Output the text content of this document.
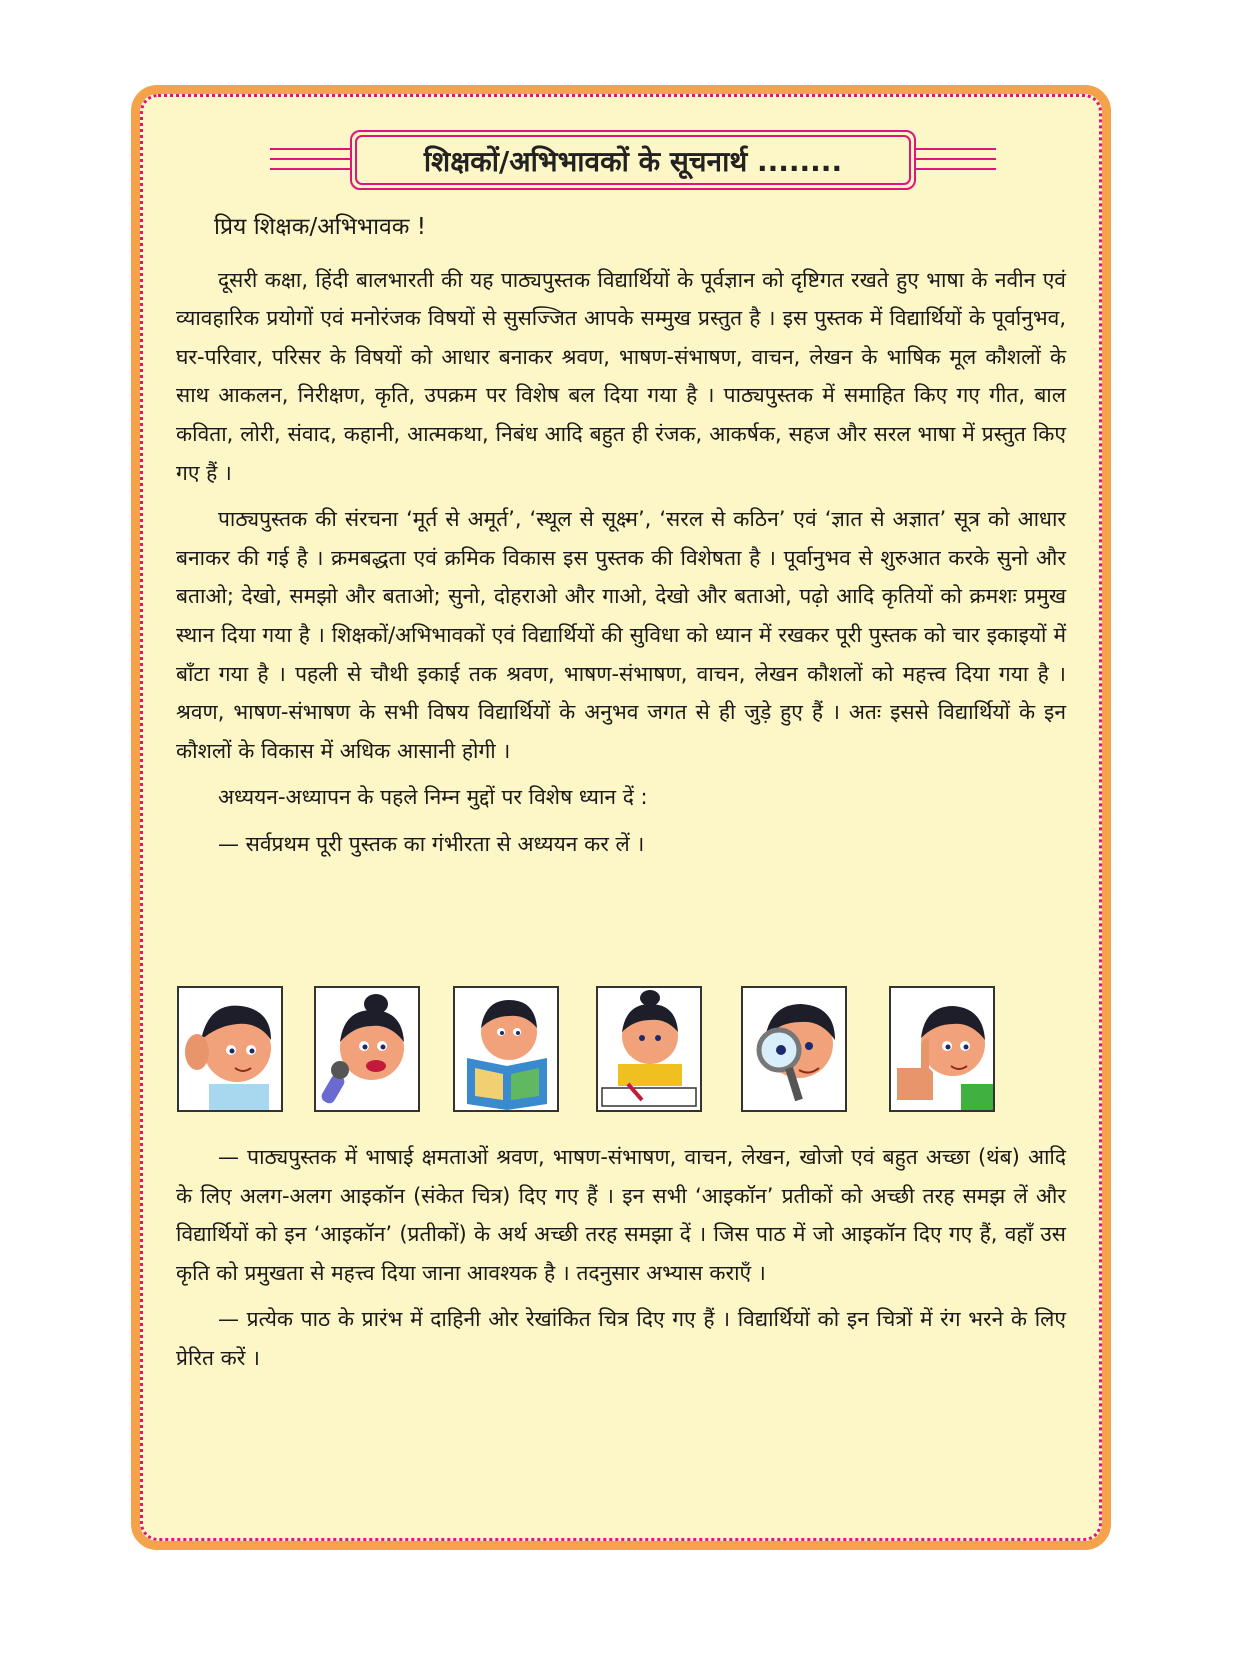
शिक्षकों/अभिभावकों के सूचनार्थ ........

प्रिय शिक्षक/अभिभावक !

दूसरी कक्षा, हिंदी बालभारती की यह पाठ्यपुस्तक विद्यार्थियों के पूर्वज्ञान को दृष्टिगत रखते हुए भाषा के नवीन एवं व्यावहारिक प्रयोगों एवं मनोरंजक विषयों से सुसज्जित आपके सम्मुख प्रस्तुत है । इस पुस्तक में विद्यार्थियों के पूर्वानुभव, घर-परिवार, परिसर के विषयों को आधार बनाकर श्रवण, भाषण-संभाषण, वाचन, लेखन के भाषिक मूल कौशलों के साथ आकलन, निरीक्षण, कृति, उपक्रम पर विशेष बल दिया गया है । पाठ्यपुस्तक में समाहित किए गए गीत, बाल कविता, लोरी, संवाद, कहानी, आत्मकथा, निबंध आदि बहुत ही रंजक, आकर्षक, सहज और सरल भाषा में प्रस्तुत किए गए हैं ।

पाठ्यपुस्तक की संरचना ‘मूर्त से अमूर्त’, ‘स्थूल से सूक्ष्म’, ‘सरल से कठिन’ एवं ‘ज्ञात से अज्ञात’ सूत्र को आधार बनाकर की गई है । क्रमबद्धता एवं क्रमिक विकास इस पुस्तक की विशेषता है । पूर्वानुभव से शुरुआत करके सुनो और बताओ; देखो, समझो और बताओ; सुनो, दोहराओ और गाओ, देखो और बताओ, पढ़ो आदि कृतियों को क्रमशः प्रमुख स्थान दिया गया है । शिक्षकों/अभिभावकों एवं विद्यार्थियों की सुविधा को ध्यान में रखकर पूरी पुस्तक को चार इकाइयों में बाँटा गया है । पहली से चौथी इकाई तक श्रवण, भाषण-संभाषण, वाचन, लेखन कौशलों को महत्त्व दिया गया है । श्रवण, भाषण-संभाषण के सभी विषय विद्यार्थियों के अनुभव जगत से ही जुड़े हुए हैं । अतः इससे विद्यार्थियों के इन कौशलों के विकास में अधिक आसानी होगी ।

अध्ययन-अध्यापन के पहले निम्न मुद्दों पर विशेष ध्यान दें :

— सर्वप्रथम पूरी पुस्तक का गंभीरता से अध्ययन कर लें ।

— पाठ्यपुस्तक में भाषाई क्षमताओं श्रवण, भाषण-संभाषण, वाचन, लेखन, खोजो एवं बहुत अच्छा (थंब) आदि के लिए अलग-अलग आइकॉन (संकेत चित्र) दिए गए हैं । इन सभी ‘आइकॉन’ प्रतीकों को अच्छी तरह समझ लें और विद्यार्थियों को इन ‘आइकॉन’ (प्रतीकों) के अर्थ अच्छी तरह समझा दें । जिस पाठ में जो आइकॉन दिए गए हैं, वहाँ उस कृति को प्रमुखता से महत्त्व दिया जाना आवश्यक है । तदनुसार अभ्यास कराएँ ।

— प्रत्येक पाठ के प्रारंभ में दाहिनी ओर रेखांकित चित्र दिए गए हैं । विद्यार्थियों को इन चित्रों में रंग भरने के लिए प्रेरित करें ।
